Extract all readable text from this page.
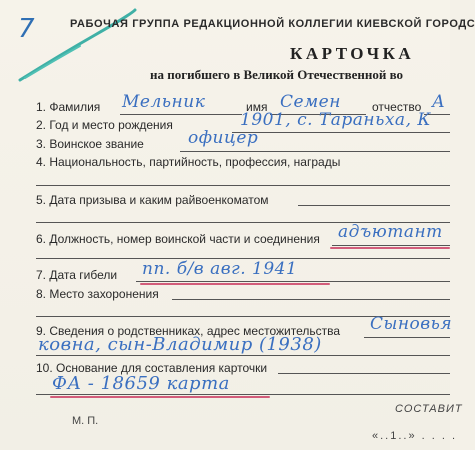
7	РАБОЧАЯ ГРУППА РЕДАКЦИОННОЙ КОЛЛЕГИИ КИЕВСКОЙ ГОРОДС
КАРТОЧКА
на погибшего в Великой Отечественной во
1. Фамилия	имя	отчество
Мельник	Семен	А
2. Год и место рождения	1901, с. Тараньха, К
3. Воинское звание	офицер
4. Национальность, партийность, профессия, награды
5. Дата призыва и каким райвоенкоматом
6. Должность, номер воинской части и соединения адъютант
7. Дата гибели пп. б/в авг. 1941
8. Место захоронения
9. Сведения о родственниках, адрес местожительства Сыновья
ковна, сын-Владимир (1938)
10. Основание для составления карточки
ФА - 18659 карта
М. П.
СОСТАВИТ
«..1..» . . . .
